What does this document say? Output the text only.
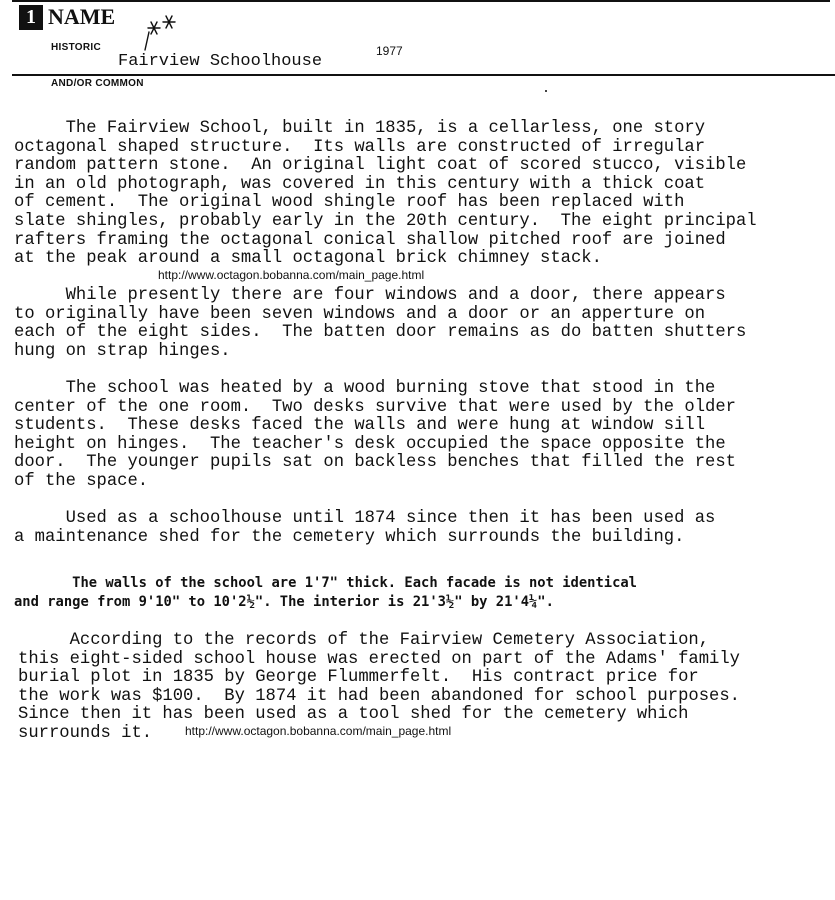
1 NAME
HISTORIC	1977
Fairview Schoolhouse
AND/OR COMMON
The Fairview School, built in 1835, is a cellarless, one story
octagonal shaped structure.  Its walls are constructed of irregular
random pattern stone.  An original light coat of scored stucco, visible
in an old photograph, was covered in this century with a thick coat
of cement.  The original wood shingle roof has been replaced with
slate shingles, probably early in the 20th century.  The eight principal
rafters framing the octagonal conical shallow pitched roof are joined
at the peak around a small octagonal brick chimney stack.
http://www.octagon.bobanna.com/main_page.html
While presently there are four windows and a door, there appears
to originally have been seven windows and a door or an apperture on
each of the eight sides.  The batten door remains as do batten shutters
hung on strap hinges.
The school was heated by a wood burning stove that stood in the
center of the one room.  Two desks survive that were used by the older
students.  These desks faced the walls and were hung at window sill
height on hinges.  The teacher's desk occupied the space opposite the
door.  The younger pupils sat on backless benches that filled the rest
of the space.
Used as a schoolhouse until 1874 since then it has been used as
a maintenance shed for the cemetery which surrounds the building.
The walls of the school are 1'7" thick. Each facade is not identical
and range from 9'10" to 10'2½". The interior is 21'3½" by 21'4¼".
According to the records of the Fairview Cemetery Association,
this eight-sided school house was erected on part of the Adams' family
burial plot in 1835 by George Flummerfelt.  His contract price for
the work was $100.  By 1874 it had been abandoned for school purposes.
Since then it has been used as a tool shed for the cemetery which
surrounds it.	http://www.octagon.bobanna.com/main_page.html
